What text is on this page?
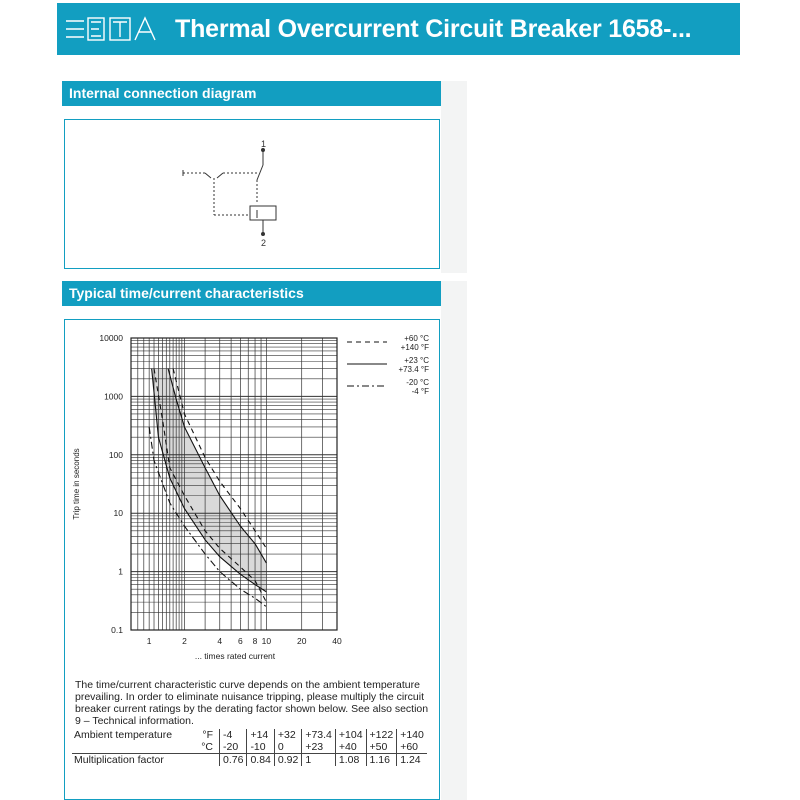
Thermal Overcurrent Circuit Breaker 1658-...
Internal connection diagram
1
2
Typical time/current characteristics
0.1
1
10
100
1000
10000
1	2	4 6 8 10	20	40
Trip time in seconds
... times rated current
+60 °C
+140 °F
+23 °C
+73.4 °F
-20 °C
-4 °F

The time/current characteristic curve depends on the ambient temperature prevailing. In order to eliminate nuisance tripping, please multiply the circuit breaker current ratings by the derating factor shown below. See also section 9 – Technical information.

Ambient temperature	°F	-4	+14	+32	+73.4	+104	+122	+140
	°C	-20	-10	0	+23	+40	+50	+60
Multiplication factor		0.76	0.84	0.92	1	1.08	1.16	1.24
